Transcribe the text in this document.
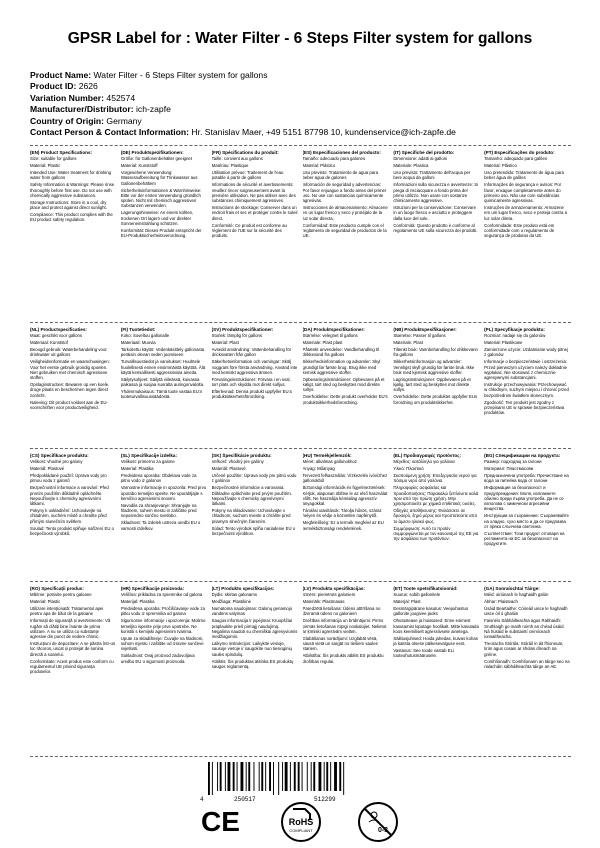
GPSR Label for : Water Filter - 6 Steps Filter system for gallons
Product Name: Water Filter - 6 Steps Filter system for gallons
Product ID: 2626
Variation Number: 452574
Manufacturer/Distributor: ich-zapfe
Country of Origin: Germany
Contact Person & Contact Information: Hr. Stanislav Maer, +49 5151 87798 10, kundenservice@ich-zapfe.de
(EN) Product Specifications:

Size: suitable for gallons

Material: Plastic

Intended Use: Water treatment for drinking water from gallons

Safety Information & Warnings: Please rinse thoroughly before first use. Do not use with chemically aggressive substances.

Storage Instructions: Store in a cool, dry place and protect against direct sunlight.

Compliance: This product complies with the EU product safety regulation.

(DE) Produktspezifikationen:

Größe: für Gallonenbehälter geeignet

Material: Kunststoff

Vorgesehene Verwendung: Wasseraufbereitung für Trinkwasser aus Gallonenbehältern

Sicherheitsinformationen & Warnhinweise: Bitte vor der ersten Verwendung gründlich spülen. Nicht mit chemisch aggressiven Substanzen verwenden.

Lagerungshinweise: An einem kühlen, trockenen Ort lagern und vor direkter Sonneneinstrahlung schützen.

Konformität: Dieses Produkt entspricht der EU-Produktsicherheitsverordnung.

(FR) Spécifications du produit:

Taille: convient aux gallons

Matériau: Plastique

Utilisation prévue: Traitement de l'eau potable à partir de gallons

Informations de sécurité et avertissements: Veuillez rincer soigneusement avant la première utilisation. Ne pas utiliser avec des substances chimiquement agressives.

Instructions de stockage: Conserver dans un endroit frais et sec et protéger contre le soleil direct.

Conformité: Ce produit est conforme au règlement de l'UE sur la sécurité des produits.

(ES) Especificaciones del producto:

Tamaño: adecuado para galones

Material: Plástico

Uso previsto: Tratamiento de agua para beber agua de galones

Información de seguridad y advertencias: Por favor enjuague a fondo antes del primer uso. No use con sustancias químicamente agresivas.

Instrucciones de almacenamiento: Almacene en un lugar fresco y seco y protéjalo de la luz solar directa.

Conformidad: Este producto cumple con el reglamento de seguridad de productos de la UE.

(IT) Specifiche del prodotto:

Dimensione: adatti ai galloni

Materiale: Plastica

Uso previsto: Trattamento dell'acqua per bere acqua da galloni

Informazioni sulla sicurezza e avvertenze: Si prega di risciacquare a fondo prima del primo utilizzo. Non usare con sostanze chimicamente aggressive.

Istruzioni per la conservazione: Conservare in un luogo fresco e asciutto e proteggere dalla luce del sole.

Conformità: Questo prodotto è conforme al regolamento UE sulla sicurezza dei prodotti.

(PT) Especificações do produto:

Tamanho: adequado para galões

Material: Plástico

Uso pretendido: Tratamento de água para beber água de galões

Informações de segurança e avisos: Por favor, enxague completamente antes do primeiro uso. Não use com substâncias quimicamente agressivas.

Instruções de armazenamento: Armazene em um lugar fresco, seco e proteja contra a luz solar direta.

Conformidade: Este produto está em conformidade com o regulamento de segurança de produtos da UE.

(NL) Productspecificaties:

Maat: geschikt voor gallons

Materiaal: Kunststof

Beoogd gebruik: Waterbehandeling voor drinkwater uit gallons

Veiligheidsinformatie en waarschuwingen: Voor het eerste gebruik grondig spoelen. Niet gebruiken met chemisch agressieve stoffen.

Opslaginstructies: Bewaren op een koele, droge plaats en beschermen tegen direct zonlicht.

Naleving: Dit product voldoet aan de EU-voorschriften voor productveiligheid.

(FI) Tuotetiedot:

Koko: Soveltuu gallonalle

Materiaali: Muovia

Tarkoitettu käyttö: Vedenkäsittely gallonasta peräisin olevan veden juomiseen

Turvallisuustiedot ja varoitukset: Huuhtele huolellisesti ennen ensimmäistä käyttöä. Älä käytä kemiallisesti aggressiivisia aineita.

Säilytysohjeet: Säilytä viileässä, kuivassa paikassa ja suojaa suoralta auringonvalolta.

Yhdenmukaisuus: Tämä tuote vastaa EU:n tuoteturvallisuussäädöstä.

(SV) Produktspecifikationer:

Storlek: lämplig för gallons

Material: Plast

Avsedd användning: Vattenbehandling för dricksvatten från gallon

Säkerhetsinformation och varningar: Skölj noggrant före första användning. Använd inte med kemiskt aggressiva ämnen.

Förvaringsinstruktioner: Förvara i en sval, torr plats och skydda mot direkt solljus.

Efterlevnad: Denna produkt uppfyller EU:s produktsäkerhetsförordning.

(DA) Produktspecifikationer:

Størrelse: velegnet til gallons

Materiale: Plast plast

Påtænkt anvendelse: Vandbehandling til drikkevand fra gallons

Sikkerhedsinformation og advarsler: Skyl grundigt før første brug. Brug ikke med kemisk aggressive stoffer.

Opbevaringsinstruktioner: Opbevares på et køligt, tørt sted og beskyttes mod direkte sollys.

Overholdelse: Dette produkt overholder EU's produktsikkerhedsforordning.

(NB) Produktspesifikasjoner:

Størrelse: Passer til gallons

Materiale: Plast

Tiltenkt bruk: Vannbehandling for drikkevann fra gallons

Sikkerhetsinformasjon og advarsler: Vennligst skyll grundig før første bruk. Ikke bruk med kjemisk aggressive stoffer.

Lagringsinstruksjoner: Oppbevares på et kjølig, tørt sted og beskyttes mot direkte sollys.

Overholdelse: Dette produktet oppfyller EUs forordning om produktsikkerhet.

(PL) Specyfikacje produktu:

Rozmiar: nadaje się do galonów

Materiał: Plastikowe

Zamierzone użycie: Uzdatnianie wody pitnej z galonów

Informacje o bezpieczeństwie i ostrzeżenia: Przed pierwszym użyciem należy dokładnie wypłukać. Nie stosować z chemicznie agresywnymi substancjami.

Instrukcje przechowywania: Przechowywać w chłodnym, suchym miejscu i chronić przed bezpośrednim światłem słonecznym.

Zgodność: Ten produkt jest zgodny z przepisami UE w sprawie bezpieczeństwa produktów.

(CS) Specifikace produktu:

Velikost: vhodné pro galony

Materiál: Plastové

Předpokládané použití: Úprava vody pro pitnou vodu z galonů

Bezpečnostní informace a varování: Před prvním použitím důkladně opláchněte. Nepoužívejte s chemicky agresivními látkami.

Pokyny k uskladnění: Uchovávejte na chladném, suchém místě a chraňte před přímým slunečním světlem.

Soulad: Tento produkt splňuje nařízení EU o bezpečnosti výrobků.

(SL) Specifikacije izdelka:

Velikost: primerno za galone

Material: Plastika

Predvidena uporaba: Obdelava vode za pitno vodo iz galonov

Varnostne informacije in opozorila: Pred prvo uporabo temeljito sperite. Ne uporabljajte s kemično agresivnimi snovmi.

Navodila za shranjevanje: Shranjujte na hladnem, suhem mestu in zaščitite pred neposredno sončno svetlobo.

Skladnost: Ta izdelek ustreza uredbi EU o varnosti izdelkov.

(SK) Špecifikácie produktu:

Veľkosť: vhodný pre galóny

Materiál: Plastové

Určené použitie: Úprava vody pre pitnú vodu z galónov

Bezpečnostné informácie a varovania: Dôkladne opláchnite pred prvým použitím. Nepoužívajte s chemicky agresívnymi látkami.

Pokyny na skladovanie: Uchovávajte v chladnom, suchom mieste a chráňte pred priamym slnečným žiarením.

Súlad: Tento výrobok spĺňa nariadenie EÚ o bezpečnosti výrobkov.

(HU) Termékjellemzők:

Méret: alkalmas gallonokhoz

Anyag: Műanyag

Tervezett felhasználás: Vízkezelés ivóvízhez gallonokból

Biztonsági információk és figyelmeztetések: Kérjük, alaposan öblítse le az első használat előtt. Ne használja kémiailag agresszív anyagokkal.

Tárolási utasítások: Tárolja hűvös, száraz helyen és védje a közvetlen napfénytől.

Megfelelőség: Ez a termék megfelel az EU termékbiztonsági rendeletének.

(EL) Προδιαγραφές προϊόντος:

Μέγεθος: κατάλληλο για γαλόνια

Υλικό: Πλαστικό

Σκοπούμενη χρήση: Επεξεργασία νερού για πόσιμο νερό από γαλόνια

Πληροφορίες ασφαλείας και προειδοποιήσεις: Παρακαλώ ξεπλύνετε καλά πριν από την πρώτη χρήση. Μην χρησιμοποιείτε με χημικά επιθετικές ουσίες.

Οδηγίες αποθήκευσης: Φυλάσσετε σε δροσερό, ξηρό μέρος και προστατεύετε από το άμεσο ηλιακό φως.

Συμμόρφωση: Αυτό το προϊόν συμμορφώνεται με τον κανονισμό της ΕΕ για την ασφάλεια των προϊόντων.

(BG) Спецификации на продукта:

Размер: подходящ за галони

Материал: Пластмасови

Предназначена употреба: Пречистване на вода за питейна вода от галони

Информация за безопасност и предупреждения: Моля, изплакнете обилно преди първа употреба. Да не се използва с химически агресивни вещества.

Инструкции за съхранение: Съхранявайте на хладно, сухо място и да се предпазва от пряка слънчева светлина.

Съответствие: Този продукт отговаря на регламента на ЕС за безопасност на продуктите.

(RO) Specificații produs:

Mărime: potrivite pentru galoane

Material: Plastic

Utilizare intenționată: Tratamentul apei pentru apa de băut de la galoane

Informații de siguranță și avertismente: Vă rugăm să clătiți bine înainte de prima utilizare. A nu se utiliza cu substanțe agresive din punct de vedere chimic.

Instrucțiuni de depozitare: A se păstra într-un loc răcoros, uscat și protejat de lumina directă a soarelui.

Conformitate: Acest produs este conform cu regulamentul UE privind siguranța produselor.

(HR) Specifikacije proizvoda:

Veličina: prikladna za spremnike od galona

Materijal: Plastika

Predviđena uporaba: Pročišćavanje vode za pitku vodu iz spremnika od galona

Sigurnosne informacije i upozorenja: Molimo temeljito isperite prije prve upotrebe. Ne koristiti s kemijski agresivnim tvarima.

Upute za skladištenje: Čuvajte na hladnom, suhom mjestu i zaštitite od izravne sunčeve svjetlosti.

Sukladnost: Ovaj proizvod zadovoljava uredbu EU o sigurnosti proizvoda.

(LT) Produkto specifikacijos:

Dydis: skirtas galonams

Medžiaga: Plastikinė

Numatoma naudojimas: Galonų geriamojo vandens valymas

Saugos informacija ir įspėjimai: Kruopščiai praplaukite prieš pirmąjį naudojimą. Negalima naudoti su chemiškai agresyviomis medžiagomis.

Laikymo instrukcijos: Laikykite vėsioje, sausoje vietoje ir saugokite nuo tiesioginių saulės spindulių.

Atitiktis: Šis produktas atitinka ES produktų saugos reglamentą.

(LV) Produkta specifikācijas:

Izmērs: piemērots galoniem

Materiāls: Plastmasas

Paredzētā lietošana: Ūdens attīrīšana no dzeramā ūdens no galoniem

Drošības informācija un brīdinājumi: Pirms pirmās lietošanas rūpīgi noskalojiet. Nelietot ar ķīmiski agresīvām vielām.

Glabāšanas norādījumi: Uzglabāt vēsā, sausā vietā un sargāt no tiešiem saules stariem.

Atbilstība: Šis produkts atbilst ES produktu drošības regulai.

(ET) Toote spetsifikatsioonid:

Suurus: sobib gallonitele

Materjal: Plast

Eesmärgipärane kasutus: Veepuhastus gallonite joogivee jaoks

Ohutusteave ja hoiatused: Enne esimest kasutamist loputage hoolikalt. Mitte kasutada koos keemiliselt agressiivsete ainetega.

Säilitusjuhised: Hoida jahedas, kuivas kohas ja kaitsta otsese päikesevalguse eest.

Vastavus: See toode vastab ELi tooteohutusmäärusele.

(GA) Sonraíochtaí Táirge:

Méid: oiriúnach le haghaidh galún

Ábhar: Plaisteach

Úsáid Beartaithe: Cóireáil uisce le haghaidh uisce óil ó ghalúin

Faisnéis Sábháilteachta agus Rabhaidh: Sruthlaigh go maith roimh an chéad úsáid. Ná húsáid le substaintí ceimiceach ionsaitheacha.

Treoracha Stórála: Stóráil in áit fhionnuar, tirim agus cosain ar sholas díreach na gréine.

Comhlíonadh: Comhlíonann an táirge seo na rialacháin sábháilteachta táirge an AE.

4	250517	512299
CE	RoHS
COMPLIANT	0-3
